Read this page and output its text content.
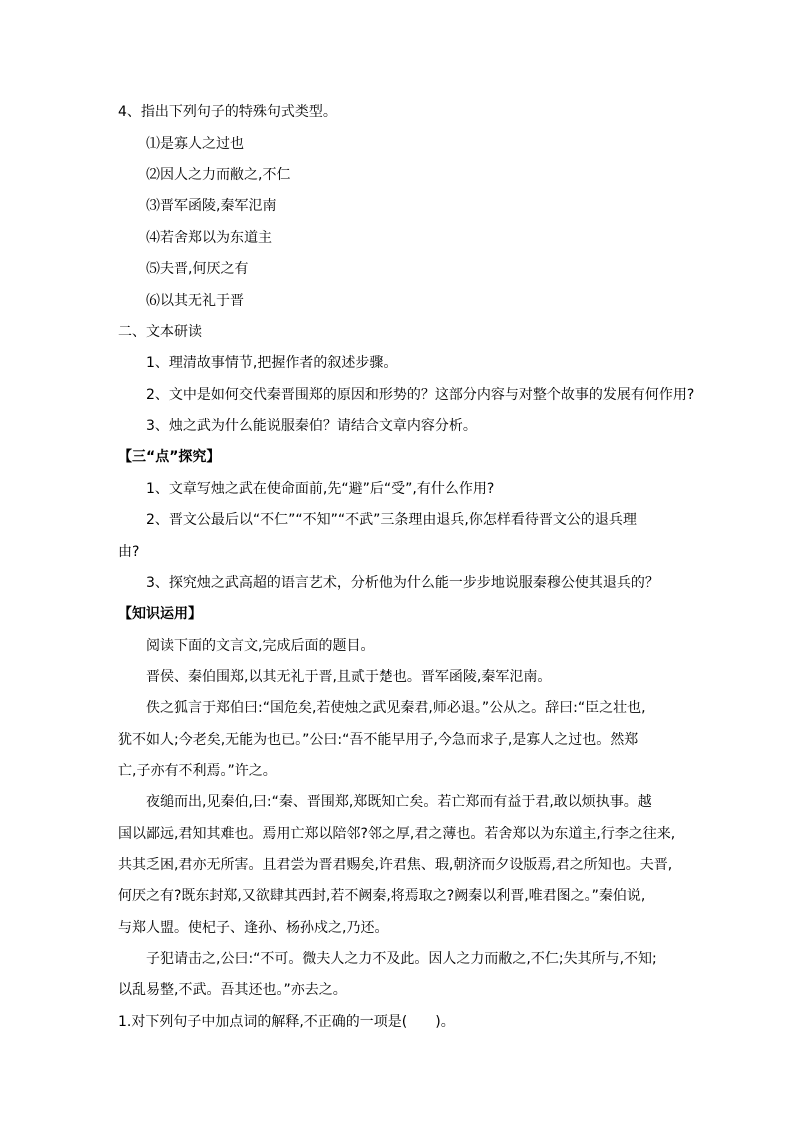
4、指出下列句子的特殊句式类型。
⑴是寡人之过也
⑵因人之力而敝之,不仁
⑶晋军函陵,秦军氾南
⑷若舍郑以为东道主
⑸夫晋,何厌之有
⑹以其无礼于晋
二、文本研读
1、理清故事情节,把握作者的叙述步骤。
2、文中是如何交代秦晋围郑的原因和形势的？这部分内容与对整个故事的发展有何作用?
3、烛之武为什么能说服秦伯？请结合文章内容分析。
【三“点”探究】
1、文章写烛之武在使命面前,先“避”后“受”,有什么作用?
2、晋文公最后以“不仁”“不知”“不武”三条理由退兵,你怎样看待晋文公的退兵理
由?
3、探究烛之武高超的语言艺术，分析他为什么能一步步地说服秦穆公使其退兵的？
【知识运用】
阅读下面的文言文,完成后面的题目。
晋侯、秦伯围郑,以其无礼于晋,且贰于楚也。晋军函陵,秦军氾南。
佚之狐言于郑伯曰:“国危矣,若使烛之武见秦君,师必退。”公从之。辞曰:“臣之壮也,
犹不如人;今老矣,无能为也已。”公曰:“吾不能早用子,今急而求子,是寡人之过也。然郑
亡,子亦有不利焉。”许之。
夜缒而出,见秦伯,曰:“秦、晋围郑,郑既知亡矣。若亡郑而有益于君,敢以烦执事。越
国以鄙远,君知其难也。焉用亡郑以陪邻?邻之厚,君之薄也。若舍郑以为东道主,行李之往来,
共其乏困,君亦无所害。且君尝为晋君赐矣,许君焦、瑕,朝济而夕设版焉,君之所知也。夫晋,
何厌之有?既东封郑,又欲肆其西封,若不阙秦,将焉取之?阙秦以利晋,唯君图之。”秦伯说,
与郑人盟。使杞子、逢孙、杨孙戍之,乃还。
子犯请击之,公曰:“不可。微夫人之力不及此。因人之力而敝之,不仁;失其所与,不知;
以乱易整,不武。吾其还也。”亦去之。
1.对下列句子中加点词的解释,不正确的一项是(　　)。
